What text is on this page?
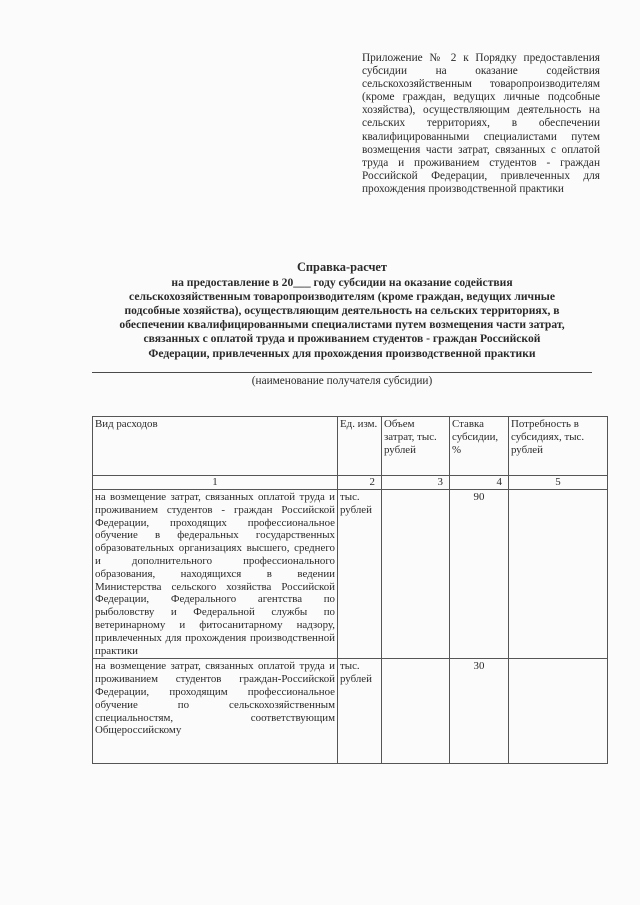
Приложение № 2 к Порядку предоставления субсидии на оказание содействия сельскохозяйственным товаропроизводителям (кроме граждан, ведущих личные подсобные хозяйства), осуществляющим деятельность на сельских территориях, в обеспечении квалифицированными специалистами путем возмещения части затрат, связанных с оплатой труда и проживанием студентов - граждан Российской Федерации, привлеченных для прохождения производственной практики
Справка-расчет
на предоставление в 20___ году субсидии на оказание содействия
сельскохозяйственным товаропроизводителям (кроме граждан, ведущих личные
подсобные хозяйства), осуществляющим деятельность на сельских территориях, в
обеспечении квалифицированными специалистами путем возмещения части затрат,
связанных с оплатой труда и проживанием студентов - граждан Российской
Федерации, привлеченных для прохождения производственной практики
(наименование получателя субсидии)
Вид расходов	Ед. изм.	Объем затрат, тыс. рублей	Ставка субсидии, %	Потребность в субсидиях, тыс. рублей
1	2	3	4	5
на возмещение затрат, связанных оплатой труда и проживанием студентов - граждан Российской Федерации, проходящих профессиональное обучение в федеральных государственных образовательных организациях высшего, среднего и дополнительного профессионального образования, находящихся в ведении Министерства сельского хозяйства Российской Федерации, Федерального агентства по рыболовству и Федеральной службы по ветеринарному и фитосанитарному надзору, привлеченных для прохождения производственной практики	тыс. рублей		90	

на возмещение затрат, связанных оплатой труда и проживанием студентов граждан-Российской Федерации, проходящим профессиональное обучение по сельскохозяйственным специальностям, соответствующим Общероссийскому	тыс. рублей		30	
